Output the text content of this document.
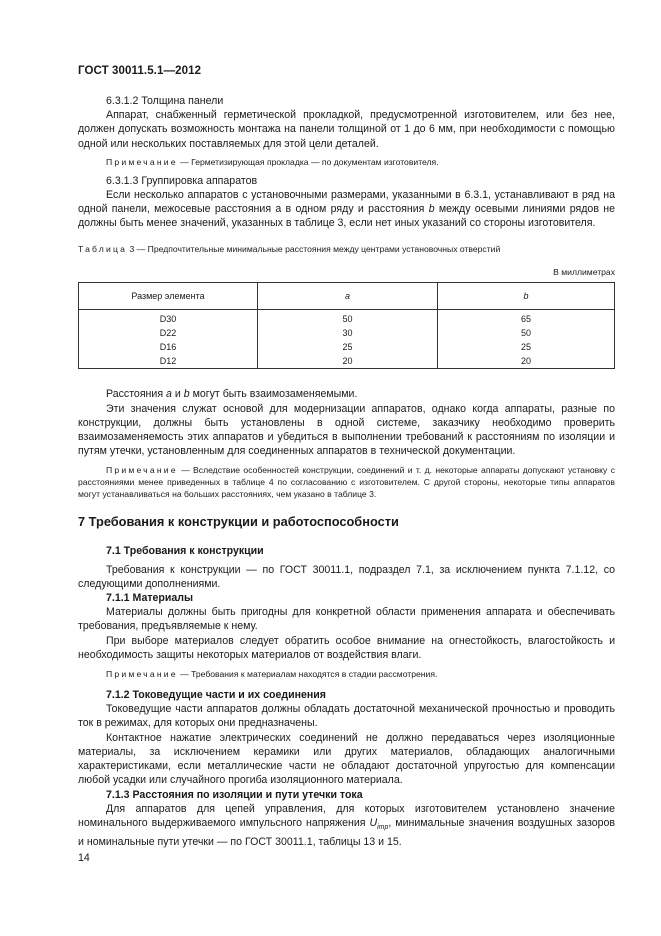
ГОСТ 30011.5.1—2012

6.3.1.2 Толщина панели

Аппарат, снабженный герметической прокладкой, предусмотренной изготовителем, или без нее, должен допускать возможность монтажа на панели толщиной от 1 до 6 мм, при необходимости с помощью одной или нескольких поставляемых для этой цели деталей.

Примечание — Герметизирующая прокладка — по документам изготовителя.

6.3.1.3 Группировка аппаратов

Если несколько аппаратов с установочными размерами, указанными в 6.3.1, устанавливают в ряд на одной панели, межосевые расстояния a в одном ряду и расстояния b между осевыми линиями рядов не должны быть менее значений, указанных в таблице 3, если нет иных указаний со стороны изготовителя.

Таблица 3 — Предпочтительные минимальные расстояния между центрами установочных отверстий

В миллиметрах

Размер элемента	a	b
D30	50	65
D22	30	50
D16	25	25
D12	20	20

Расстояния a и b могут быть взаимозаменяемыми.

Эти значения служат основой для модернизации аппаратов, однако когда аппараты, разные по конструкции, должны быть установлены в одной системе, заказчику необходимо проверить взаимозаменяемость этих аппаратов и убедиться в выполнении требований к расстояниям по изоляции и путям утечки, установленным для соединенных аппаратов в технической документации.

Примечание — Вследствие особенностей конструкции, соединений и т. д. некоторые аппараты допускают установку с расстояниями менее приведенных в таблице 4 по согласованию с изготовителем. С другой стороны, некоторые типы аппаратов могут устанавливаться на больших расстояниях, чем указано в таблице 3.

7 Требования к конструкции и работоспособности

7.1 Требования к конструкции

Требования к конструкции — по ГОСТ 30011.1, подраздел 7.1, за исключением пункта 7.1.12, со следующими дополнениями.

7.1.1 Материалы

Материалы должны быть пригодны для конкретной области применения аппарата и обеспечивать требования, предъявляемые к нему.

При выборе материалов следует обратить особое внимание на огнестойкость, влагостойкость и необходимость защиты некоторых материалов от воздействия влаги.

Примечание — Требования к материалам находятся в стадии рассмотрения.

7.1.2 Токоведущие части и их соединения

Токоведущие части аппаратов должны обладать достаточной механической прочностью и проводить ток в режимах, для которых они предназначены.

Контактное нажатие электрических соединений не должно передаваться через изоляционные материалы, за исключением керамики или других материалов, обладающих аналогичными характеристиками, если металлические части не обладают достаточной упругостью для компенсации любой усадки или случайного прогиба изоляционного материала.

7.1.3 Расстояния по изоляции и пути утечки тока

Для аппаратов для цепей управления, для которых изготовителем установлено значение номинального выдерживаемого импульсного напряжения $U_{imp}$, минимальные значения воздушных зазоров и номинальные пути утечки — по ГОСТ 30011.1, таблицы 13 и 15.

14
